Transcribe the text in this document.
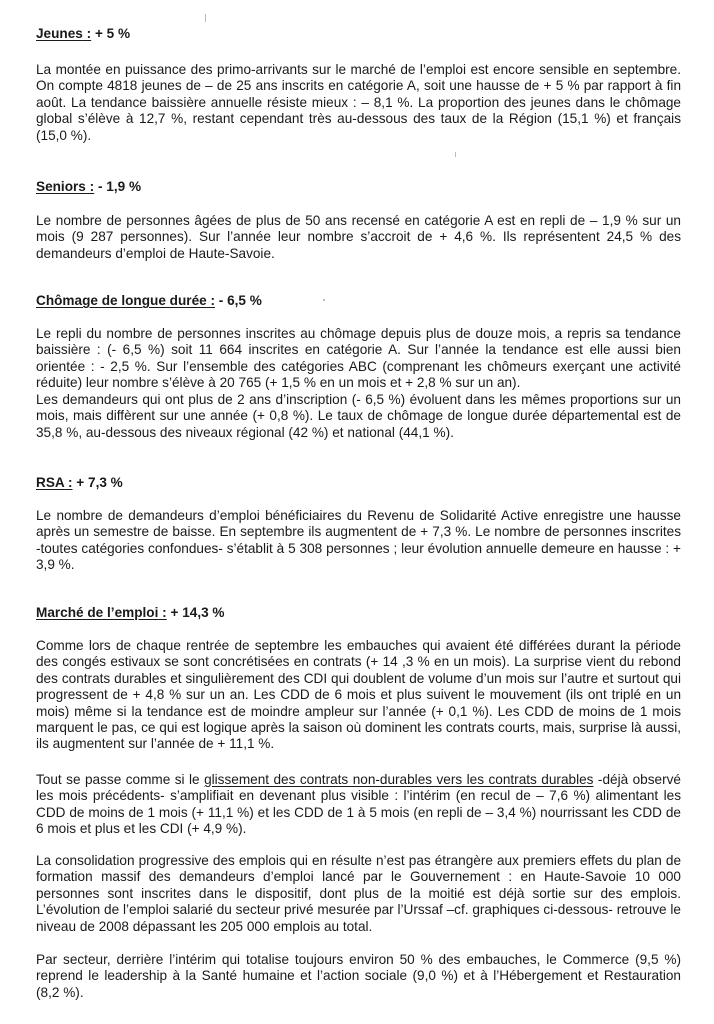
Jeunes : + 5 %

La montée en puissance des primo-arrivants sur le marché de l’emploi est encore sensible en septembre. On compte 4818 jeunes de – de 25 ans inscrits en catégorie A, soit une hausse de + 5 % par rapport à fin août. La tendance baissière annuelle résiste mieux : – 8,1 %. La proportion des jeunes dans le chômage global s’élève à 12,7 %, restant cependant très au-dessous des taux de la Région (15,1 %) et français (15,0 %).

Seniors : - 1,9 %

Le nombre de personnes âgées de plus de 50 ans recensé en catégorie A est en repli de – 1,9 % sur un mois (9 287 personnes). Sur l’année leur nombre s’accroit de + 4,6 %. Ils représentent 24,5 % des demandeurs d’emploi de Haute-Savoie.

Chômage de longue durée : - 6,5 %

Le repli du nombre de personnes inscrites au chômage depuis plus de douze mois, a repris sa tendance baissière : (- 6,5 %) soit 11 664 inscrites en catégorie A. Sur l’année la tendance est elle aussi bien orientée : - 2,5 %. Sur l’ensemble des catégories ABC (comprenant les chômeurs exerçant une activité réduite) leur nombre s’élève à 20 765 (+ 1,5 % en un mois et + 2,8 % sur un an).

Les demandeurs qui ont plus de 2 ans d’inscription (- 6,5 %) évoluent dans les mêmes proportions sur un mois, mais diffèrent sur une année (+ 0,8 %). Le taux de chômage de longue durée départemental est de 35,8 %, au-dessous des niveaux régional (42 %) et national (44,1 %).

RSA : + 7,3 %

Le nombre de demandeurs d’emploi bénéficiaires du Revenu de Solidarité Active enregistre une hausse après un semestre de baisse. En septembre ils augmentent de + 7,3 %. Le nombre de personnes inscrites -toutes catégories confondues- s’établit à 5 308 personnes ; leur évolution annuelle demeure en hausse : + 3,9 %.

Marché de l’emploi : + 14,3 %

Comme lors de chaque rentrée de septembre les embauches qui avaient été différées durant la période des congés estivaux se sont concrétisées en contrats (+ 14 ,3 % en un mois). La surprise vient du rebond des contrats durables et singulièrement des CDI qui doublent de volume d’un mois sur l’autre et surtout qui progressent de + 4,8 % sur un an. Les CDD de 6 mois et plus suivent le mouvement (ils ont triplé en un mois) même si la tendance est de moindre ampleur sur l’année (+ 0,1 %). Les CDD de moins de 1 mois marquent le pas, ce qui est logique après la saison où dominent les contrats courts, mais, surprise là aussi, ils augmentent sur l’année de + 11,1 %.

Tout se passe comme si le glissement des contrats non-durables vers les contrats durables -déjà observé les mois précédents- s’amplifiait en devenant plus visible : l’intérim (en recul de – 7,6 %) alimentant les CDD de moins de 1 mois (+ 11,1 %) et les CDD de 1 à 5 mois (en repli de – 3,4 %) nourrissant les CDD de 6 mois et plus et les CDI (+ 4,9 %).

La consolidation progressive des emplois qui en résulte n’est pas étrangère aux premiers effets du plan de formation massif des demandeurs d’emploi lancé par le Gouvernement : en Haute-Savoie 10 000 personnes sont inscrites dans le dispositif, dont plus de la moitié est déjà sortie sur des emplois. L’évolution de l’emploi salarié du secteur privé mesurée par l’Urssaf –cf. graphiques ci-dessous- retrouve le niveau de 2008 dépassant les 205 000 emplois au total.

Par secteur, derrière l’intérim qui totalise toujours environ 50 % des embauches, le Commerce (9,5 %) reprend le leadership à la Santé humaine et l’action sociale (9,0 %) et à l’Hébergement et Restauration (8,2 %).
